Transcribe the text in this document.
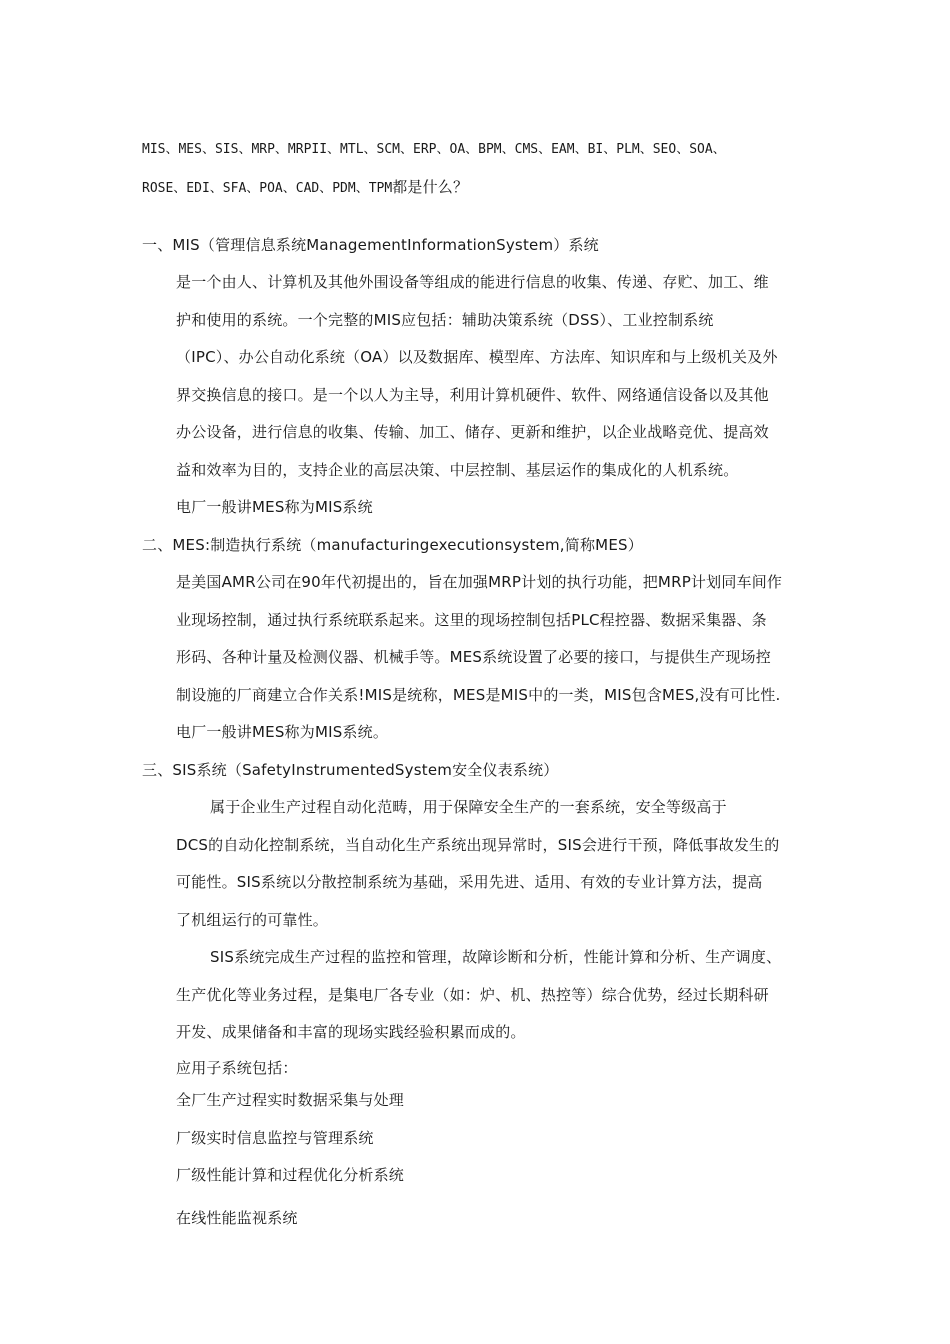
MIS、MES、SIS、MRP、MRPII、MTL、SCM、ERP、OA、BPM、CMS、EAM、BI、PLM、SEO、SOA、
ROSE、EDI、SFA、POA、CAD、PDM、TPM都是什么？
一、MIS（管理信息系统ManagementInformationSystem）系统
是一个由人、计算机及其他外围设备等组成的能进行信息的收集、传递、存贮、加工、维
护和使用的系统。一个完整的MIS应包括：辅助决策系统（DSS）、工业控制系统
（IPC）、办公自动化系统（OA）以及数据库、模型库、方法库、知识库和与上级机关及外
界交换信息的接口。是一个以人为主导，利用计算机硬件、软件、网络通信设备以及其他
办公设备，进行信息的收集、传输、加工、储存、更新和维护，以企业战略竞优、提高效
益和效率为目的，支持企业的高层决策、中层控制、基层运作的集成化的人机系统。
电厂一般讲MES称为MIS系统
二、MES:制造执行系统（manufacturingexecutionsystem,简称MES）
是美国AMR公司在90年代初提出的，旨在加强MRP计划的执行功能，把MRP计划同车间作
业现场控制，通过执行系统联系起来。这里的现场控制包括PLC程控器、数据采集器、条
形码、各种计量及检测仪器、机械手等。MES系统设置了必要的接口，与提供生产现场控
制设施的厂商建立合作关系!MIS是统称，MES是MIS中的一类，MIS包含MES,没有可比性.
电厂一般讲MES称为MIS系统。
三、SIS系统（SafetyInstrumentedSystem安全仪表系统）
属于企业生产过程自动化范畴，用于保障安全生产的一套系统，安全等级高于
DCS的自动化控制系统，当自动化生产系统出现异常时，SIS会进行干预，降低事故发生的
可能性。SIS系统以分散控制系统为基础，采用先进、适用、有效的专业计算方法，提高
了机组运行的可靠性。
SIS系统完成生产过程的监控和管理，故障诊断和分析，性能计算和分析、生产调度、
生产优化等业务过程，是集电厂各专业（如：炉、机、热控等）综合优势，经过长期科研
开发、成果储备和丰富的现场实践经验积累而成的。
应用子系统包括：
全厂生产过程实时数据采集与处理
厂级实时信息监控与管理系统
厂级性能计算和过程优化分析系统
在线性能监视系统
